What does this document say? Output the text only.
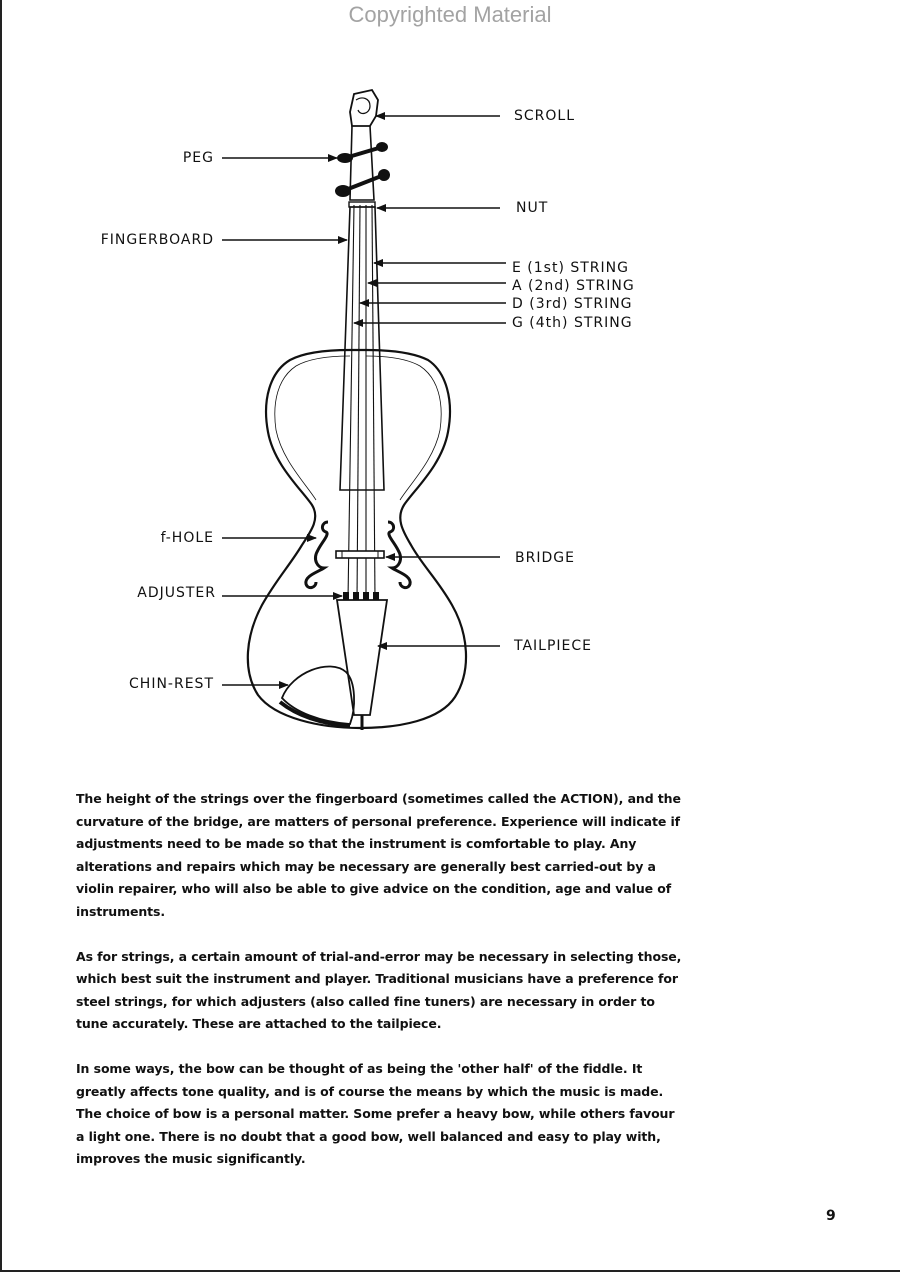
Copyrighted Material
SCROLL
PEG
NUT
FINGERBOARD
E (1st) STRING
A (2nd) STRING
D (3rd) STRING
G (4th) STRING
f-HOLE
BRIDGE
ADJUSTER
TAILPIECE
CHIN-REST

The height of the strings over the fingerboard (sometimes called the ACTION), and the curvature of the bridge, are matters of personal preference. Experience will indicate if adjustments need to be made so that the instrument is comfortable to play. Any alterations and repairs which may be necessary are generally best carried-out by a violin repairer, who will also be able to give advice on the condition, age and value of instruments.

As for strings, a certain amount of trial-and-error may be necessary in selecting those, which best suit the instrument and player. Traditional musicians have a preference for steel strings, for which adjusters (also called fine tuners) are necessary in order to tune accurately. These are attached to the tailpiece.

In some ways, the bow can be thought of as being the 'other half' of the fiddle. It greatly affects tone quality, and is of course the means by which the music is made. The choice of bow is a personal matter. Some prefer a heavy bow, while others favour a light one. There is no doubt that a good bow, well balanced and easy to play with, improves the music significantly.

9
